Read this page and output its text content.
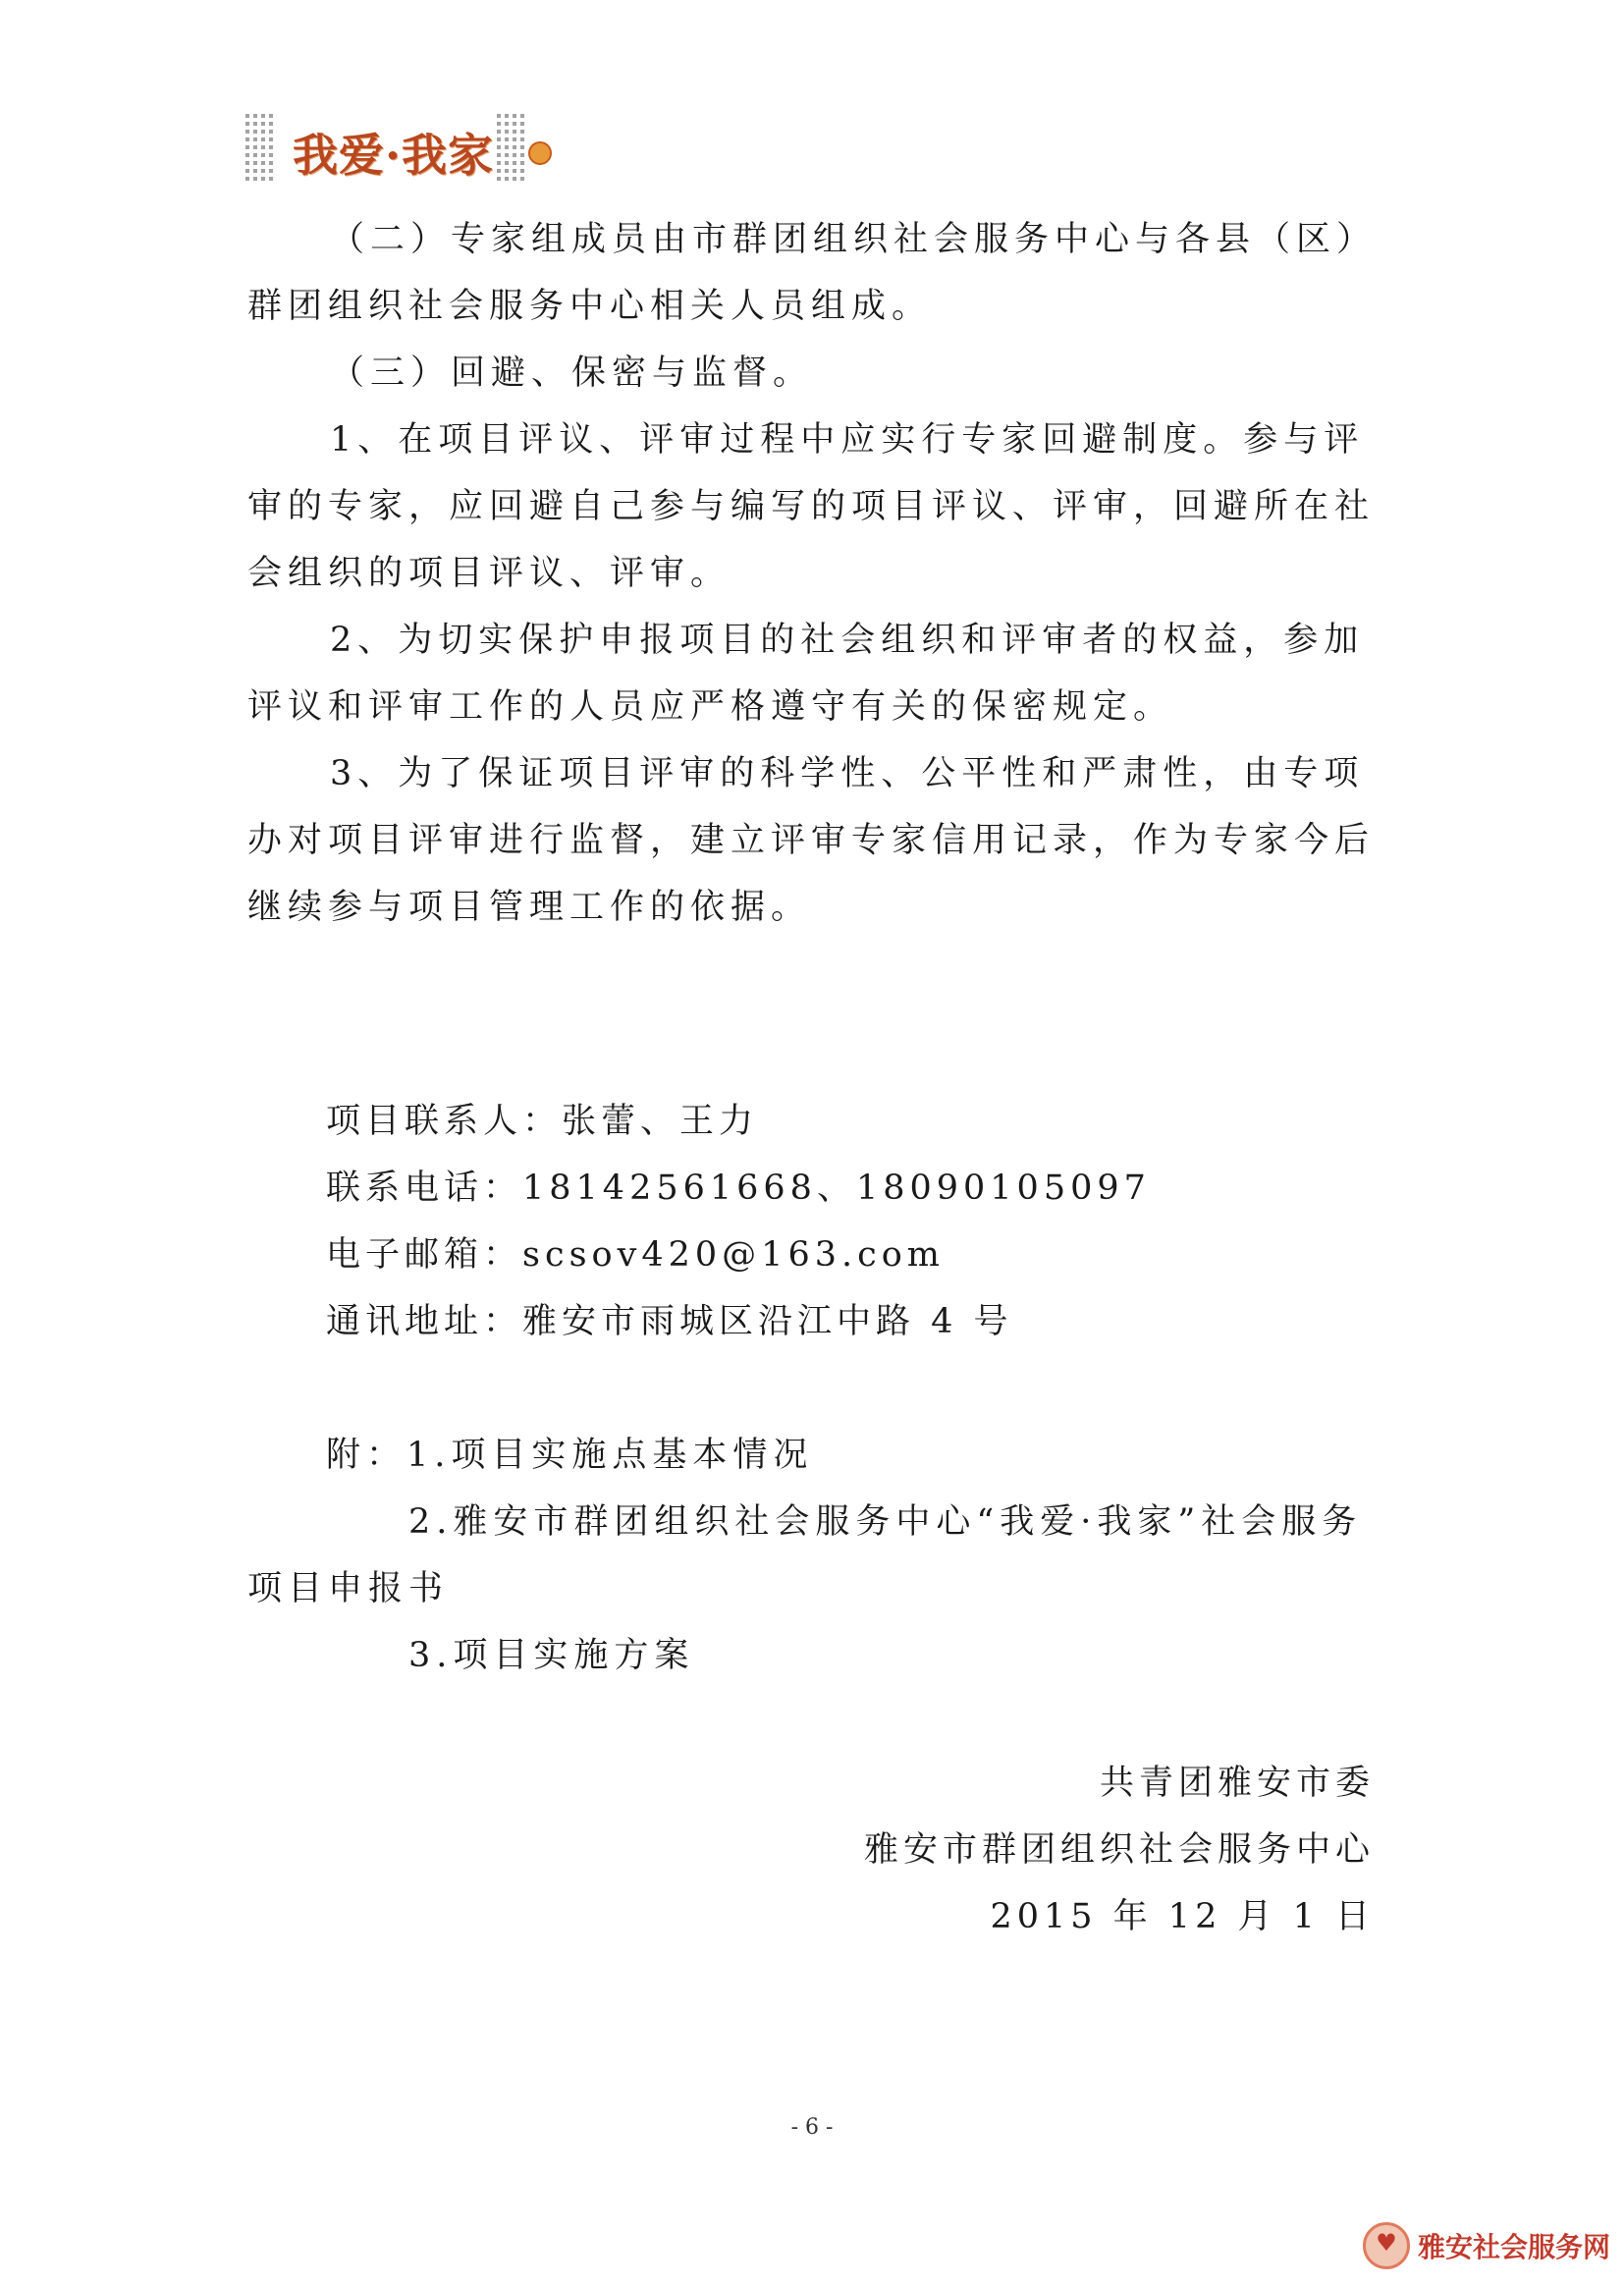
我爱·我家

（二）专家组成员由市群团组织社会服务中心与各县（区）群团组织社会服务中心相关人员组成。

（三）回避、保密与监督。

1、在项目评议、评审过程中应实行专家回避制度。参与评审的专家，应回避自己参与编写的项目评议、评审，回避所在社会组织的项目评议、评审。

2、为切实保护申报项目的社会组织和评审者的权益，参加评议和评审工作的人员应严格遵守有关的保密规定。

3、为了保证项目评审的科学性、公平性和严肃性，由专项办对项目评审进行监督，建立评审专家信用记录，作为专家今后继续参与项目管理工作的依据。

项目联系人：张蕾、王力

联系电话：18142561668、18090105097

电子邮箱：scsov420@163.com

通讯地址：雅安市雨城区沿江中路 4 号

附：1.项目实施点基本情况

2.雅安市群团组织社会服务中心“我爱·我家”社会服务项目申报书

3.项目实施方案

共青团雅安市委

雅安市群团组织社会服务中心

2015 年 12 月 1 日

- 6 -
♥
雅安社会服务网
